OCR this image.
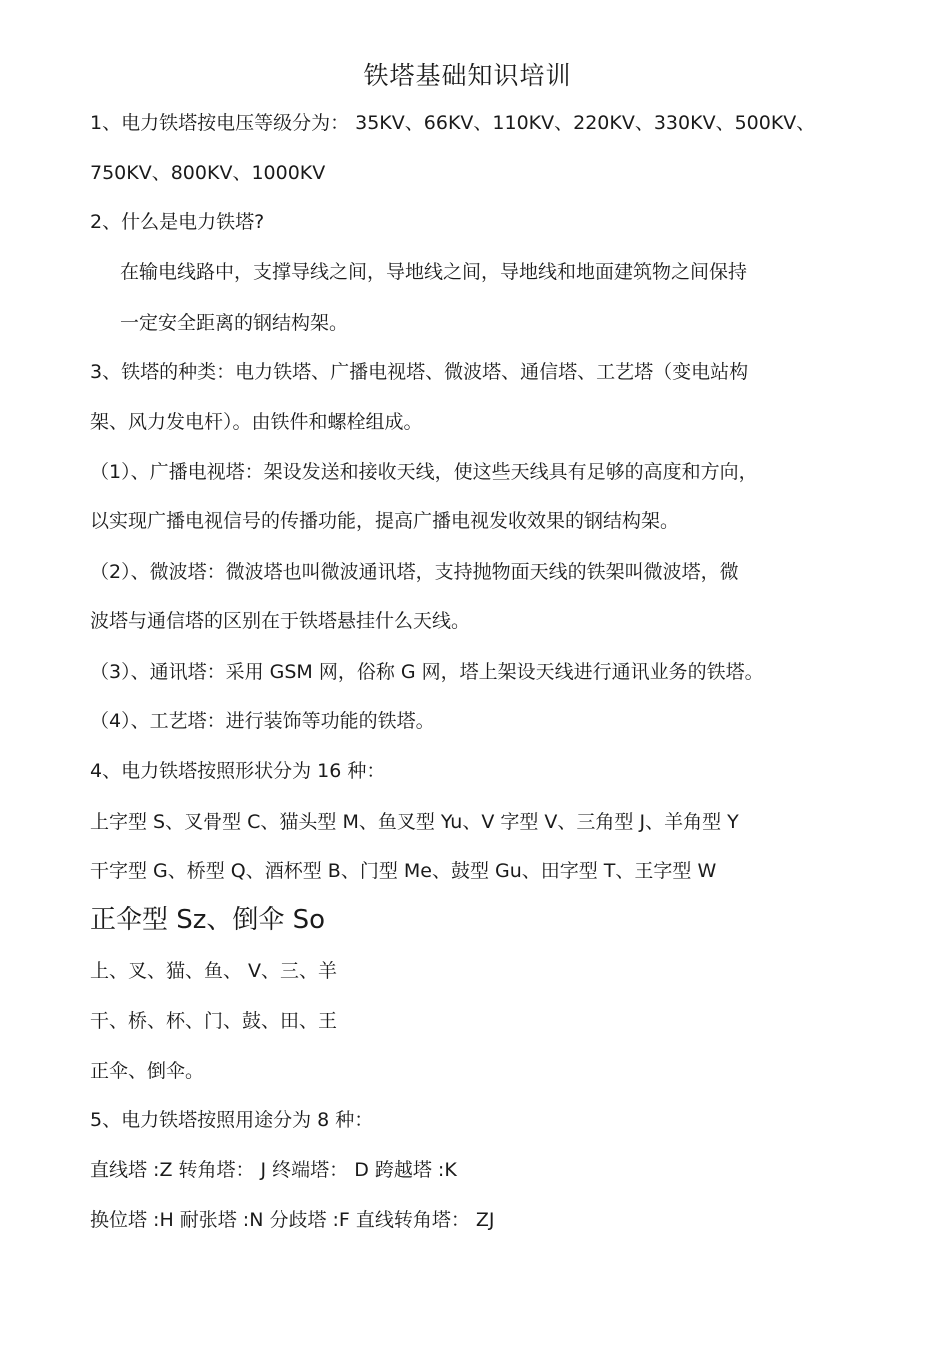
铁塔基础知识培训
1、电力铁塔按电压等级分为： 35KV、66KV、110KV、220KV、330KV、500KV、
750KV、800KV、1000KV
2、什么是电力铁塔?
在输电线路中，支撑导线之间，导地线之间，导地线和地面建筑物之间保持
一定安全距离的钢结构架。
3、铁塔的种类：电力铁塔、广播电视塔、微波塔、通信塔、工艺塔（变电站构
架、风力发电杆）。由铁件和螺栓组成。
（1）、广播电视塔：架设发送和接收天线，使这些天线具有足够的高度和方向，
以实现广播电视信号的传播功能，提高广播电视发收效果的钢结构架。
（2）、微波塔：微波塔也叫微波通讯塔，支持抛物面天线的铁架叫微波塔，微
波塔与通信塔的区别在于铁塔悬挂什么天线。
（3）、通讯塔：采用 GSM 网，俗称 G 网，塔上架设天线进行通讯业务的铁塔。
（4）、工艺塔：进行装饰等功能的铁塔。
4、电力铁塔按照形状分为 16 种：
上字型 S、叉骨型 C、猫头型 M、鱼叉型 Yu、V 字型 V、三角型 J、羊角型 Y
干字型 G、桥型 Q、酒杯型 B、门型 Me、鼓型 Gu、田字型 T、王字型 W
正伞型 Sz、倒伞 So
上、叉、猫、鱼、 V、三、羊
干、桥、杯、门、鼓、田、王
正伞、倒伞。
5、电力铁塔按照用途分为 8 种：
直线塔 :Z 转角塔： J 终端塔： D 跨越塔 :K
换位塔 :H 耐张塔 :N 分歧塔 :F 直线转角塔： ZJ
